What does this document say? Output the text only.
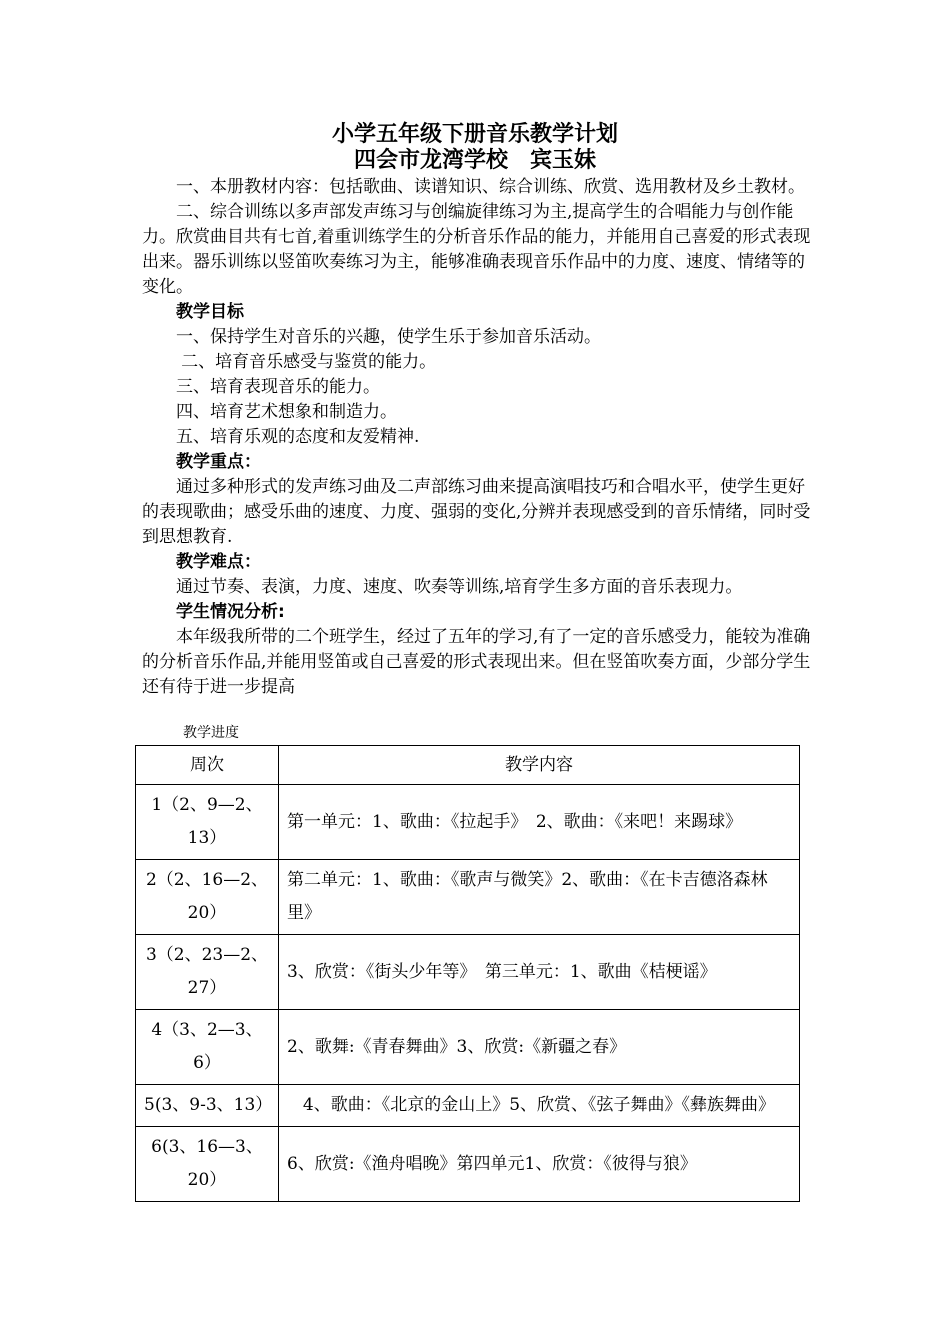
小学五年级下册音乐教学计划
四会市龙湾学校　宾玉妹

一、本册教材内容：包括歌曲、读谱知识、综合训练、欣赏、选用教材及乡土教材。

二、综合训练以多声部发声练习与创编旋律练习为主,提高学生的合唱能力与创作能力。欣赏曲目共有七首,着重训练学生的分析音乐作品的能力，并能用自己喜爱的形式表现出来。器乐训练以竖笛吹奏练习为主，能够准确表现音乐作品中的力度、速度、情绪等的变化。

教学目标

一、保持学生对音乐的兴趣，使学生乐于参加音乐活动。

二、培育音乐感受与鉴赏的能力。

三、培育表现音乐的能力。

四、培育艺术想象和制造力。

五、培育乐观的态度和友爱精神.

教学重点：

通过多种形式的发声练习曲及二声部练习曲来提高演唱技巧和合唱水平，使学生更好的表现歌曲；感受乐曲的速度、力度、强弱的变化,分辨并表现感受到的音乐情绪，同时受到思想教育.

教学难点：

通过节奏、表演，力度、速度、吹奏等训练,培育学生多方面的音乐表现力。

学生情况分析:

本年级我所带的二个班学生，经过了五年的学习,有了一定的音乐感受力，能较为准确的分析音乐作品,并能用竖笛或自己喜爱的形式表现出来。但在竖笛吹奏方面，少部分学生还有待于进一步提高

教学进度
周次	教学内容
1（2、9—2、13）	第一单元：1、歌曲：《拉起手》　2、歌曲：《来吧！来踢球》
2（2、16—2、20）	第二单元：1、歌曲：《歌声与微笑》2、歌曲：《在卡吉德洛森林里》
3（2、23—2、27）	3、欣赏：《街头少年等》　第三单元：1、歌曲《桔梗谣》
4（3、2—3、6）	2、歌舞:《青春舞曲》3、欣赏:《新疆之春》
5(3、9-3、13）	4、歌曲：《北京的金山上》5、欣赏、《弦子舞曲》《彝族舞曲》
6(3、16—3、20）	6、欣赏:《渔舟唱晚》第四单元1、欣赏：《彼得与狼》
